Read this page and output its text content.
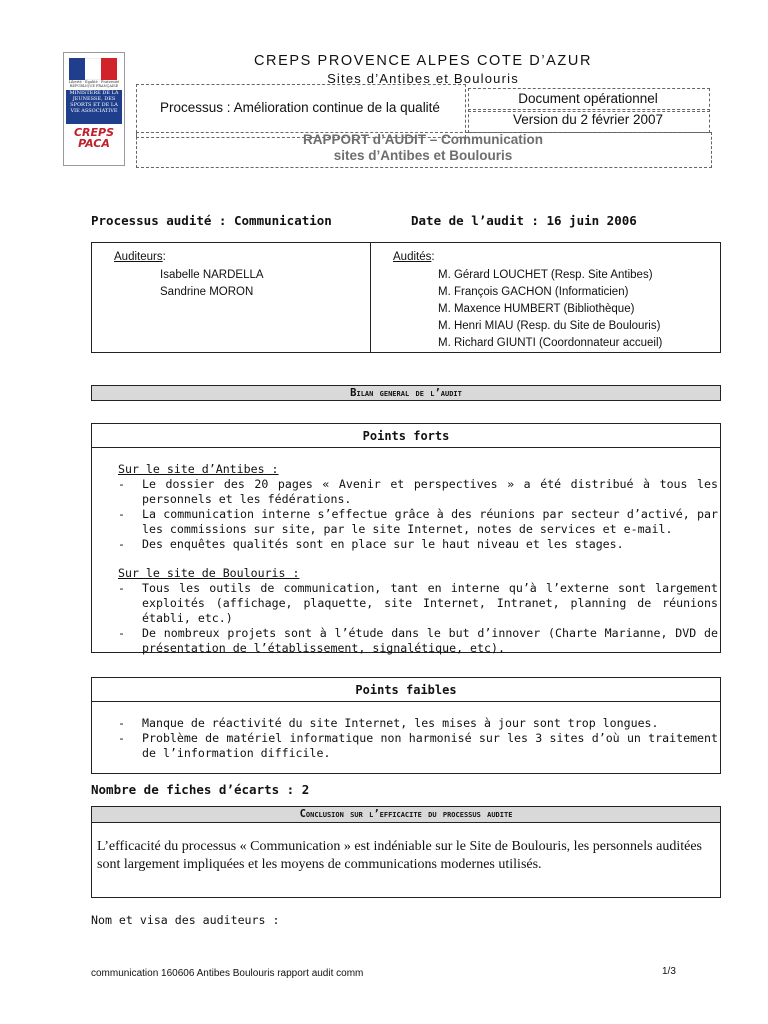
Liberté · Égalité · Fraternité RÉPUBLIQUE FRANÇAISE
MINISTÈRE DE LA JEUNESSE, DES SPORTS ET DE LA VIE ASSOCIATIVE
CREPS
PACA
CREPS PROVENCE ALPES COTE D’AZUR
Sites d’Antibes et Boulouris
Processus : Amélioration continue de la qualité
Document opérationnel
Version du 2 février 2007
RAPPORT d’AUDIT – Communication
sites d’Antibes et Boulouris
Processus audité : Communication	Date de l’audit : 16 juin 2006
Auditeurs:
Isabelle NARDELLA
Sandrine MORON
Audités:
M. Gérard LOUCHET (Resp. Site Antibes)
M. François GACHON (Informaticien)
M. Maxence HUMBERT (Bibliothèque)
M. Henri MIAU (Resp. du Site de Boulouris)
M. Richard GIUNTI (Coordonnateur accueil)
Bilan general de l’audit
Points forts
Sur le site d’Antibes :
- Le dossier des 20 pages « Avenir et perspectives » a été distribué à tous les personnels et les fédérations.
- La communication interne s’effectue grâce à des réunions par secteur d’activé, par les commissions sur site, par le site Internet, notes de services et e-mail.
- Des enquêtes qualités sont en place sur le haut niveau et les stages.
Sur le site de Boulouris :
- Tous les outils de communication, tant en interne qu’à l’externe sont largement exploités (affichage, plaquette, site Internet, Intranet, planning de réunions établi, etc.)
- De nombreux projets sont à l’étude dans le but d’innover (Charte Marianne, DVD de présentation de l’établissement, signalétique, etc).
Points faibles
- Manque de réactivité du site Internet, les mises à jour sont trop longues.
- Problème de matériel informatique non harmonisé sur les 3 sites d’où un traitement de l’information difficile.
Nombre de fiches d’écarts : 2
Conclusion sur l’efficacite du processus audite
L’efficacité du processus « Communication » est indéniable sur le Site de Boulouris, les personnels auditées sont largement impliquées et les moyens de communications modernes utilisés.
Nom et visa des auditeurs :
communication 160606 Antibes Boulouris rapport audit comm	1/3
